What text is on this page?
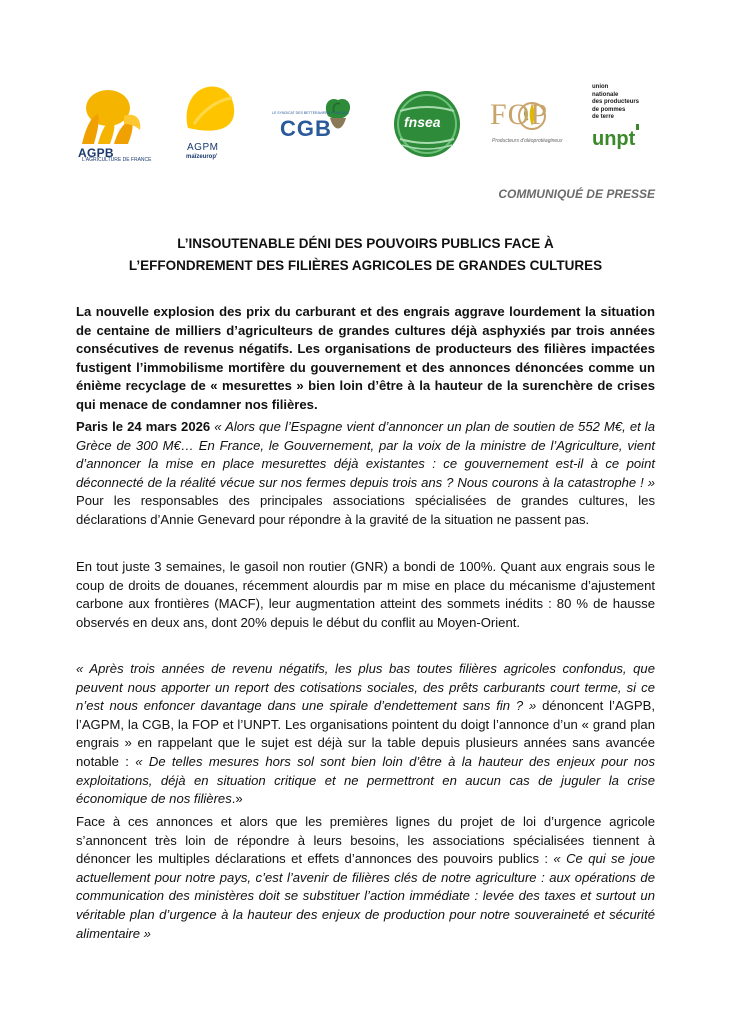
AGPB
L'AGRICULTURE DE FRANCE
AGPM
maïzeurop'
LE SYNDICAT DES BETTERAVIERS FRANÇAIS
CGB	fnsea FOP
Producteurs d'oléoprotéagineux
union
nationale
des producteurs
de pommes
de terre
unpt
COMMUNIQUÉ DE PRESSE
L’INSOUTENABLE DÉNI DES POUVOIRS PUBLICS FACE À
L’EFFONDREMENT DES FILIÈRES AGRICOLES DE GRANDES CULTURES

La nouvelle explosion des prix du carburant et des engrais aggrave lourdement la situation de centaine de milliers d’agriculteurs de grandes cultures déjà asphyxiés par trois années consécutives de revenus négatifs. Les organisations de producteurs des filières impactées fustigent l’immobilisme mortifère du gouvernement et des annonces dénoncées comme un énième recyclage de « mesurettes » bien loin d’être à la hauteur de la surenchère de crises qui menace de condamner nos filières.

Paris le 24 mars 2026 « Alors que l’Espagne vient d’annoncer un plan de soutien de 552 M€, et la Grèce de 300 M€… En France, le Gouvernement, par la voix de la ministre de l’Agriculture, vient d’annoncer la mise en place mesurettes déjà existantes : ce gouvernement est-il à ce point déconnecté de la réalité vécue sur nos fermes depuis trois ans ? Nous courons à la catastrophe ! » Pour les responsables des principales associations spécialisées de grandes cultures, les déclarations d’Annie Genevard pour répondre à la gravité de la situation ne passent pas.

En tout juste 3 semaines, le gasoil non routier (GNR) a bondi de 100%. Quant aux engrais sous le coup de droits de douanes, récemment alourdis par m mise en place du mécanisme d’ajustement carbone aux frontières (MACF), leur augmentation atteint des sommets inédits : 80 % de hausse observés en deux ans, dont 20% depuis le début du conflit au Moyen-Orient.

« Après trois années de revenu négatifs, les plus bas toutes filières agricoles confondus, que peuvent nous apporter un report des cotisations sociales, des prêts carburants court terme, si ce n’est nous enfoncer davantage dans une spirale d’endettement sans fin ? » dénoncent l’AGPB, l’AGPM, la CGB, la FOP et l’UNPT. Les organisations pointent du doigt l’annonce d’un « grand plan engrais » en rappelant que le sujet est déjà sur la table depuis plusieurs années sans avancée notable : « De telles mesures hors sol sont bien loin d’être à la hauteur des enjeux pour nos exploitations, déjà en situation critique et ne permettront en aucun cas de juguler la crise économique de nos filières.»

Face à ces annonces et alors que les premières lignes du projet de loi d’urgence agricole s’annoncent très loin de répondre à leurs besoins, les associations spécialisées tiennent à dénoncer les multiples déclarations et effets d’annonces des pouvoirs publics : « Ce qui se joue actuellement pour notre pays, c’est l’avenir de filières clés de notre agriculture : aux opérations de communication des ministères doit se substituer l’action immédiate : levée des taxes et surtout un véritable plan d’urgence à la hauteur des enjeux de production pour notre souveraineté et sécurité alimentaire »
